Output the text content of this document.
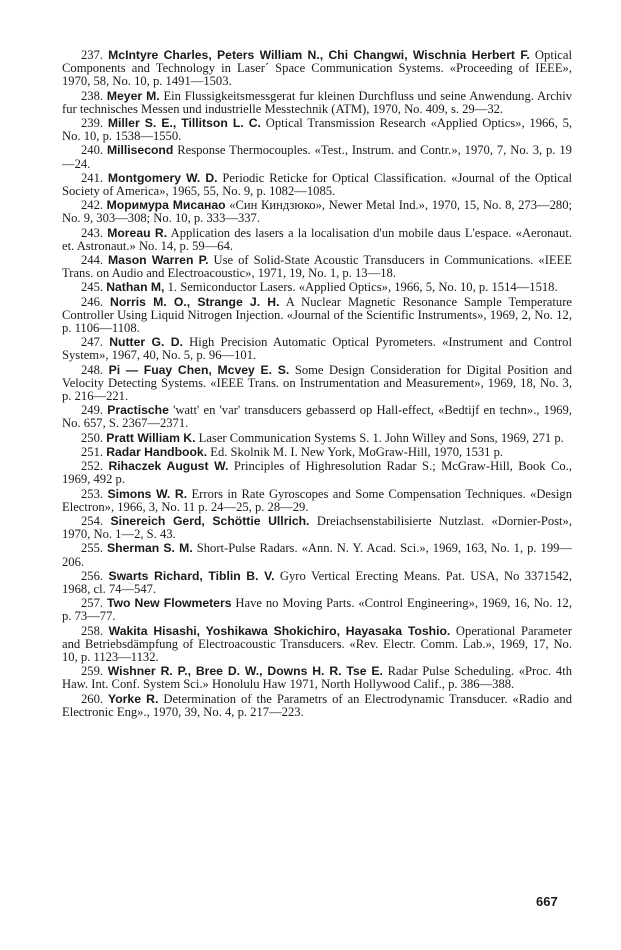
237. McIntyre Charles, Peters William N., Chi Changwi, Wischnia Herbert F. Optical Components and Technology in Laser´ Space Communication Systems. «Proceeding of IEEE», 1970, 58, No. 10, p. 1491—1503.

238. Meyer M. Ein Flussigkeitsmessgerat fur kleinen Durchfluss und seine Anwendung. Archiv fur technisches Messen und industrielle Messtechnik (ATM), 1970, No. 409, s. 29—32.

239. Miller S. E., Tillitson L. C. Optical Transmission Research «Applied Optics», 1966, 5, No. 10, p. 1538—1550.

240. Millisecond Response Thermocouples. «Test., Instrum. and Contr.», 1970, 7, No. 3, p. 19—24.

241. Montgomery W. D. Periodic Reticke for Optical Classification. «Journal of the Optical Society of America», 1965, 55, No. 9, p. 1082—1085.

242. Моримура Мисанао «Син Киндзюко», Newer Metal Ind.», 1970, 15, No. 8, 273—280; No. 9, 303—308; No. 10, p. 333—337.

243. Moreau R. Application des lasers a la localisation d'un mobile daus L'espace. «Aeronaut. et. Astronaut.» No. 14, p. 59—64.

244. Mason Warren P. Use of Solid-State Acoustic Transducers in Communications. «IEEE Trans. on Audio and Electroacoustic», 1971, 19, No. 1, p. 13—18.

245. Nathan M, 1. Semiconductor Lasers. «Applied Optics», 1966, 5, No. 10, p. 1514—1518.

246. Norris M. O., Strange J. H. A Nuclear Magnetic Resonance Sample Temperature Controller Using Liquid Nitrogen Injection. «Journal of the Scientific Instruments», 1969, 2, No. 12, p. 1106—1108.

247. Nutter G. D. High Precision Automatic Optical Pyrometers. «Instrument and Control System», 1967, 40, No. 5, p. 96—101.

248. Pi — Fuay Chen, Mcvey E. S. Some Design Consideration for Digital Position and Velocity Detecting Systems. «IEEE Trans. on Instrumentation and Measurement», 1969, 18, No. 3, p. 216—221.

249. Practische 'watt' en 'var' transducers gebasserd op Hall-effect, «Bedtijf en techn»., 1969, No. 657, S. 2367—2371.

250. Pratt William K. Laser Communication Systems S. 1. John Willey and Sons, 1969, 271 p.

251. Radar Handbook. Ed. Skolnik M. I. New York, MoGraw-Hill, 1970, 1531 p.

252. Rihaczek August W. Principles of Highresolution Radar S.; McGraw-Hill, Book Co., 1969, 492 p.

253. Simons W. R. Errors in Rate Gyroscopes and Some Compensation Techniques. «Design Electron», 1966, 3, No. 11 p. 24—25, p. 28—29.

254. Sinereich Gerd, Schöttie Ullrich. Dreiachsenstabilisierte Nutzlast. «Dornier-Post», 1970, No. 1—2, S. 43.

255. Sherman S. M. Short-Pulse Radars. «Ann. N. Y. Acad. Sci.», 1969, 163, No. 1, p. 199—206.

256. Swarts Richard, Tiblin B. V. Gyro Vertical Erecting Means. Pat. USA, No 3371542, 1968, cl. 74—547.

257. Two New Flowmeters Have no Moving Parts. «Control Engineering», 1969, 16, No. 12, p. 73—77.

258. Wakita Hisashi, Yoshikawa Shokichiro, Hayasaka Toshio. Operational Parameter and Betriebsdämpfung of Electroacoustic Transducers. «Rev. Electr. Comm. Lab.», 1969, 17, No. 10, p. 1123—1132.

259. Wishner R. P., Bree D. W., Downs H. R. Tse E. Radar Pulse Scheduling. «Proc. 4th Haw. Int. Conf. System Sci.» Honolulu Haw 1971, North Hollywood Calif., p. 386—388.

260. Yorke R. Determination of the Parametrs of an Electrodynamic Transducer. «Radio and Electronic Eng»., 1970, 39, No. 4, p. 217—223.

667
